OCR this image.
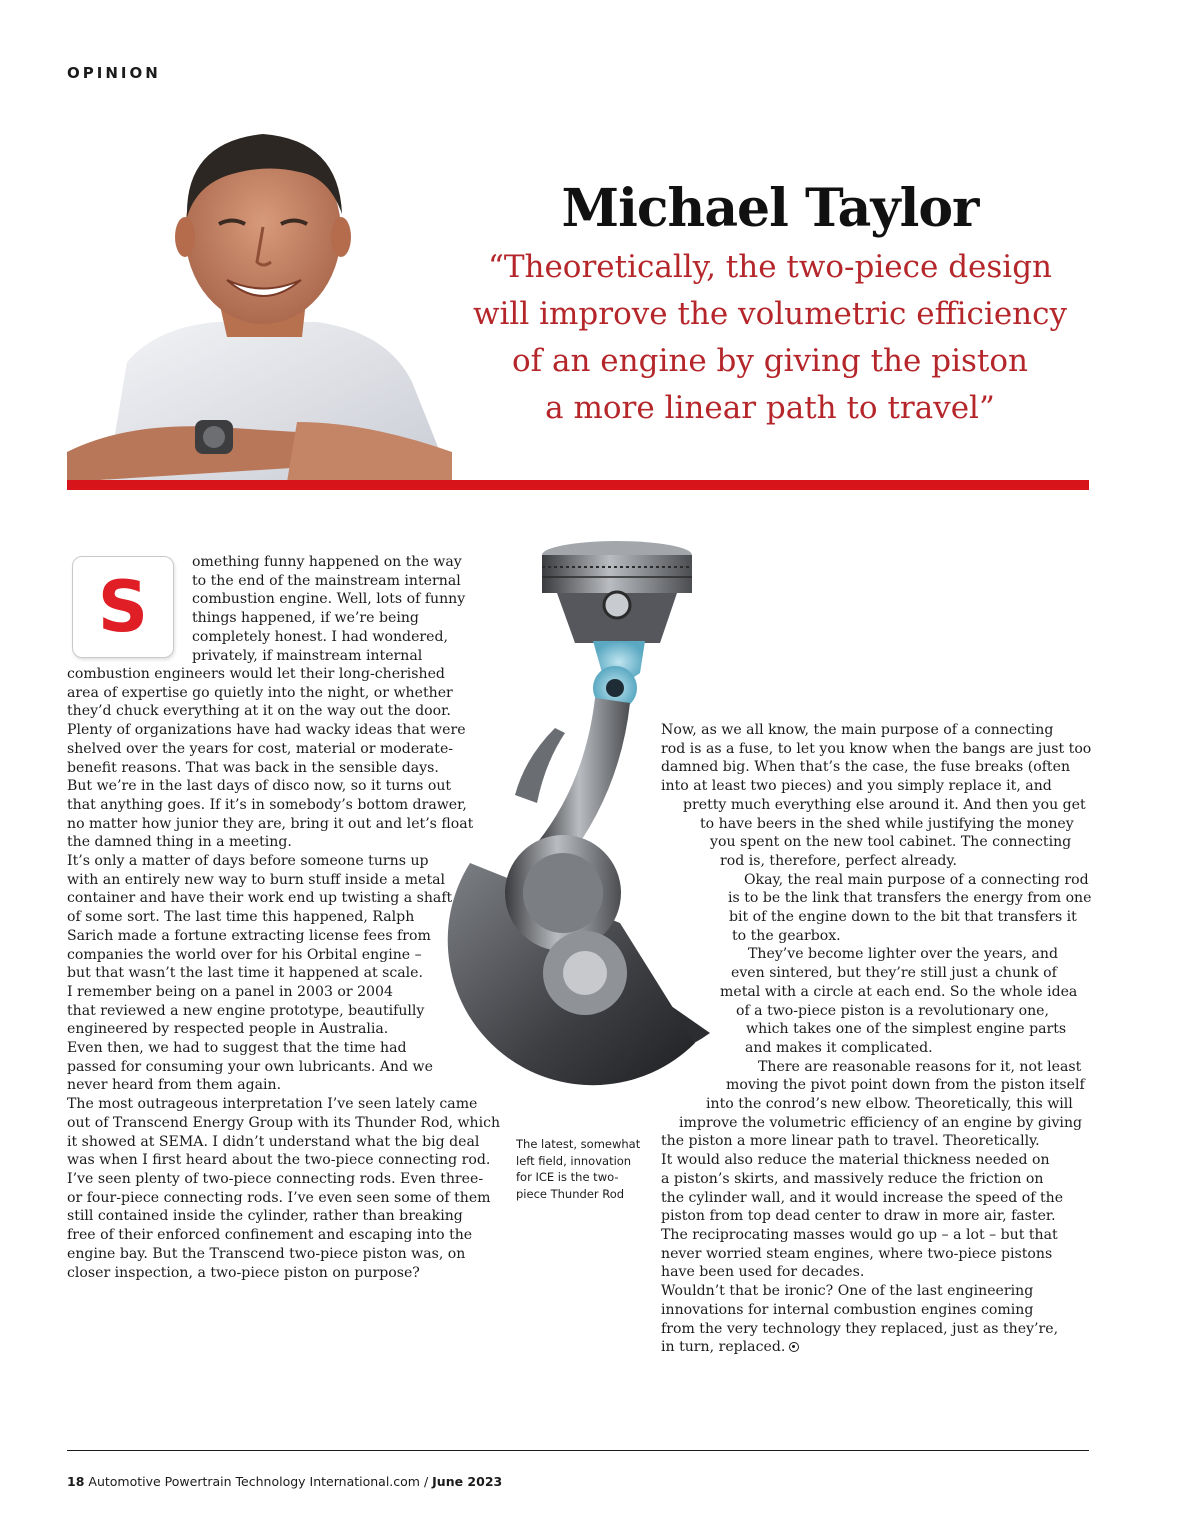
OPINION
Michael Taylor
“Theoretically, the two-piece design
will improve the volumetric efficiency
of an engine by giving the piston
a more linear path to travel”
S
omething funny happened on the way
to the end of the mainstream internal
combustion engine. Well, lots of funny
things happened, if we’re being
completely honest. I had wondered,
privately, if mainstream internal
combustion engineers would let their long-cherished
area of expertise go quietly into the night, or whether
they’d chuck everything at it on the way out the door.
Plenty of organizations have had wacky ideas that were
shelved over the years for cost, material or moderate-
benefit reasons. That was back in the sensible days.
But we’re in the last days of disco now, so it turns out
that anything goes. If it’s in somebody’s bottom drawer,
no matter how junior they are, bring it out and let’s float
the damned thing in a meeting.
It’s only a matter of days before someone turns up
with an entirely new way to burn stuff inside a metal
container and have their work end up twisting a shaft
of some sort. The last time this happened, Ralph
Sarich made a fortune extracting license fees from
companies the world over for his Orbital engine –
but that wasn’t the last time it happened at scale.
I remember being on a panel in 2003 or 2004
that reviewed a new engine prototype, beautifully
engineered by respected people in Australia.
Even then, we had to suggest that the time had
passed for consuming your own lubricants. And we
never heard from them again.
The most outrageous interpretation I’ve seen lately came
out of Transcend Energy Group with its Thunder Rod, which
it showed at SEMA. I didn’t understand what the big deal
was when I first heard about the two-piece connecting rod.
I’ve seen plenty of two-piece connecting rods. Even three-
or four-piece connecting rods. I’ve even seen some of them
still contained inside the cylinder, rather than breaking
free of their enforced confinement and escaping into the
engine bay. But the Transcend two-piece piston was, on
closer inspection, a two-piece piston on purpose?
The latest, somewhat
left field, innovation
for ICE is the two-
piece Thunder Rod
Now, as we all know, the main purpose of a connecting
rod is as a fuse, to let you know when the bangs are just too
damned big. When that’s the case, the fuse breaks (often
into at least two pieces) and you simply replace it, and
pretty much everything else around it. And then you get
to have beers in the shed while justifying the money
you spent on the new tool cabinet. The connecting
rod is, therefore, perfect already.
Okay, the real main purpose of a connecting rod
is to be the link that transfers the energy from one
bit of the engine down to the bit that transfers it
to the gearbox.
They’ve become lighter over the years, and
even sintered, but they’re still just a chunk of
metal with a circle at each end. So the whole idea
of a two-piece piston is a revolutionary one,
which takes one of the simplest engine parts
and makes it complicated.
There are reasonable reasons for it, not least
moving the pivot point down from the piston itself
into the conrod’s new elbow. Theoretically, this will
improve the volumetric efficiency of an engine by giving
the piston a more linear path to travel. Theoretically.
It would also reduce the material thickness needed on
a piston’s skirts, and massively reduce the friction on
the cylinder wall, and it would increase the speed of the
piston from top dead center to draw in more air, faster.
The reciprocating masses would go up – a lot – but that
never worried steam engines, where two-piece pistons
have been used for decades.
Wouldn’t that be ironic? One of the last engineering
innovations for internal combustion engines coming
from the very technology they replaced, just as they’re,
in turn, replaced.
18 Automotive Powertrain Technology International.com / June 2023
